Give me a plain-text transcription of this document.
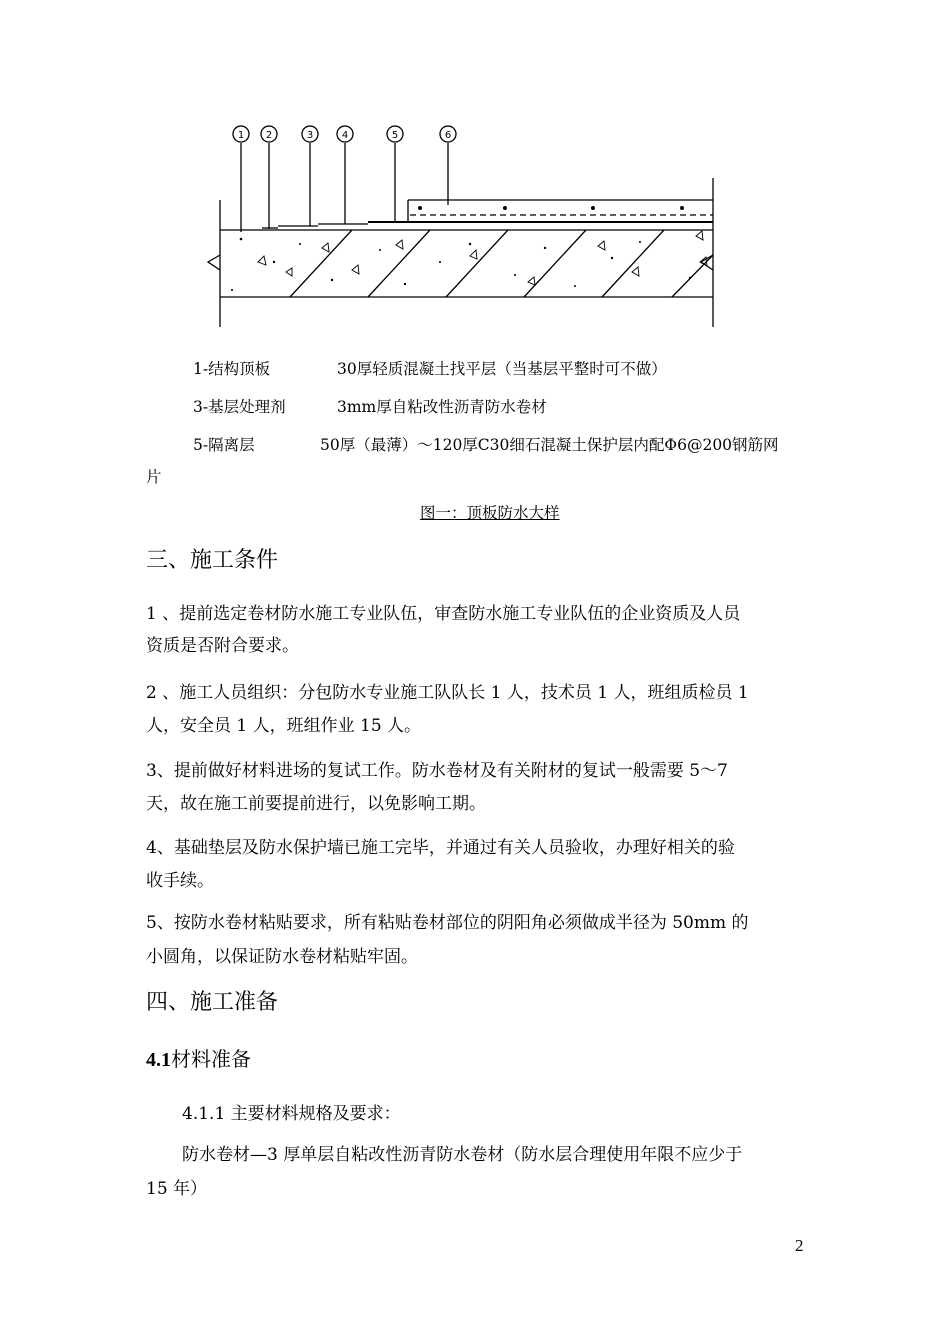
1 2	3	4	5	6
1-结构顶板	30厚轻质混凝土找平层（当基层平整时可不做）
3-基层处理剂	3mm厚自粘改性沥青防水卷材
5-隔离层	50厚（最薄）～120厚C30细石混凝土保护层内配Φ6@200钢筋网
片
图一：顶板防水大样
三、施工条件
1 、提前选定卷材防水施工专业队伍，审查防水施工专业队伍的企业资质及人员
资质是否附合要求。
2 、施工人员组织：分包防水专业施工队队长 1 人，技术员 1 人，班组质检员 1
人，安全员 1 人，班组作业 15 人。
3、提前做好材料进场的复试工作。防水卷材及有关附材的复试一般需要 5～7
天，故在施工前要提前进行，以免影响工期。
4、基础垫层及防水保护墙已施工完毕，并通过有关人员验收，办理好相关的验
收手续。
5、按防水卷材粘贴要求，所有粘贴卷材部位的阴阳角必须做成半径为 50mm 的
小圆角，以保证防水卷材粘贴牢固。
四、施工准备
4.1材料准备
4.1.1 主要材料规格及要求：
防水卷材—3 厚单层自粘改性沥青防水卷材（防水层合理使用年限不应少于
15 年）
2
